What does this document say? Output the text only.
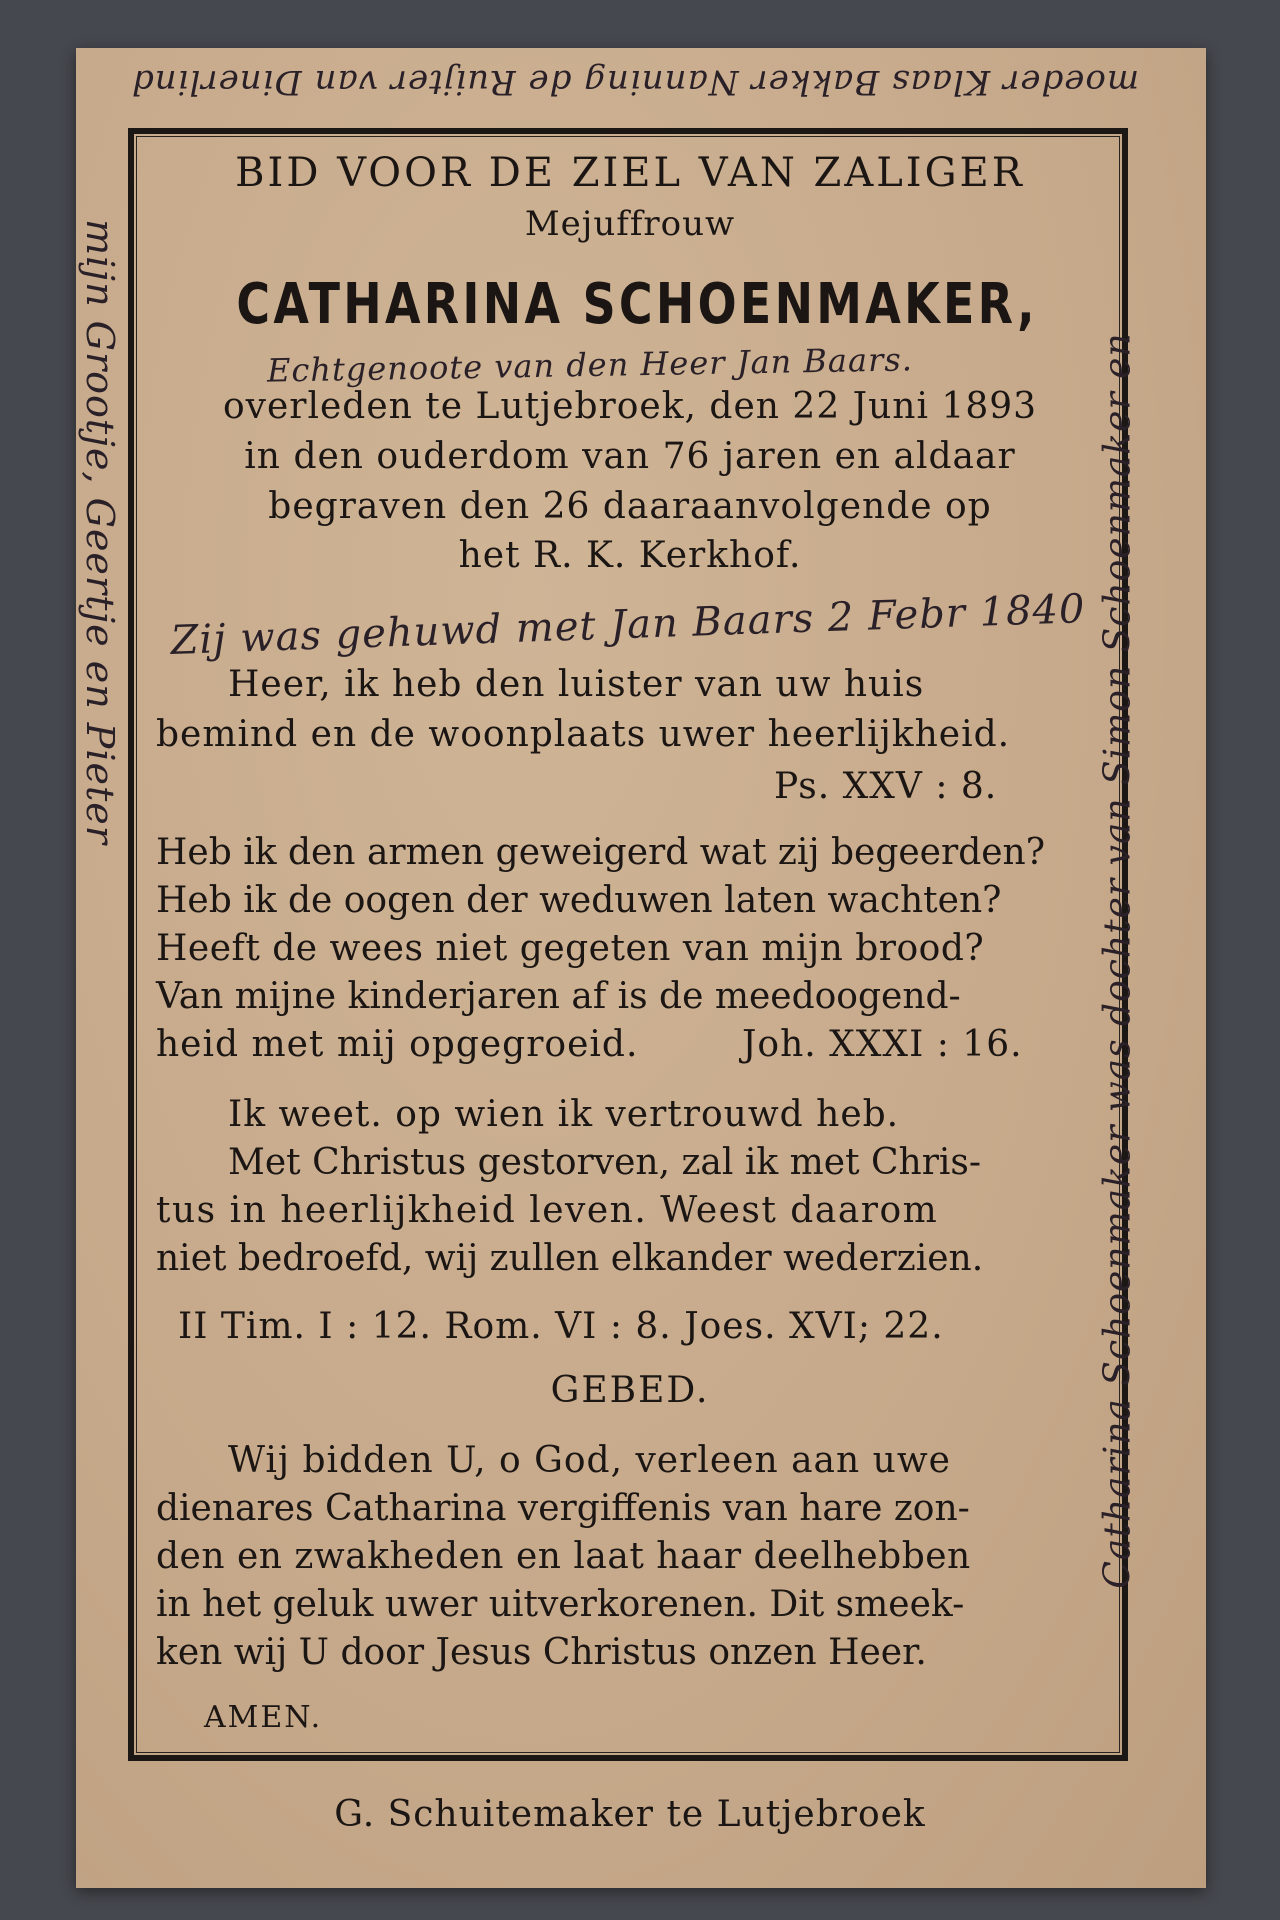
moeder Klaas Bakker Nanning de Ruijter van Dinerlind
mijn Grootje, Geertje en Pieter	Catharina Schoenmaker was dochter van Simon Schoenmaker en
BID VOOR DE ZIEL VAN ZALIGER
Mejuffrouw
CATHARINA SCHOENMAKER,
Echtgenoote van den Heer Jan Baars.
overleden te Lutjebroek, den 22 Juni 1893
in den ouderdom van 76 jaren en aldaar
begraven den 26 daaraanvolgende op
het R. K. Kerkhof.
Zij was gehuwd met Jan Baars 2 Febr 1840
Heer, ik heb den luister van uw huis
bemind en de woonplaats uwer heerlijkheid.
Ps. XXV : 8.
Heb ik den armen geweigerd wat zij begeerden?
Heb ik de oogen der weduwen laten wachten?
Heeft de wees niet gegeten van mijn brood?
Van mijne kinderjaren af is de meedoogend-
heid met mij opgegroeid.	Joh. XXXI : 16.
Ik weet. op wien ik vertrouwd heb.
Met Christus gestorven, zal ik met Chris-
tus in heerlijkheid leven. Weest daarom
niet bedroefd, wij zullen elkander wederzien.
II Tim. I : 12. Rom. VI : 8. Joes. XVI; 22.
GEBED.
Wij bidden U, o God, verleen aan uwe
dienares Catharina vergiffenis van hare zon-
den en zwakheden en laat haar deelhebben
in het geluk uwer uitverkorenen. Dit smeek-
ken wij U door Jesus Christus onzen Heer.
AMEN.
G. Schuitemaker te Lutjebroek
